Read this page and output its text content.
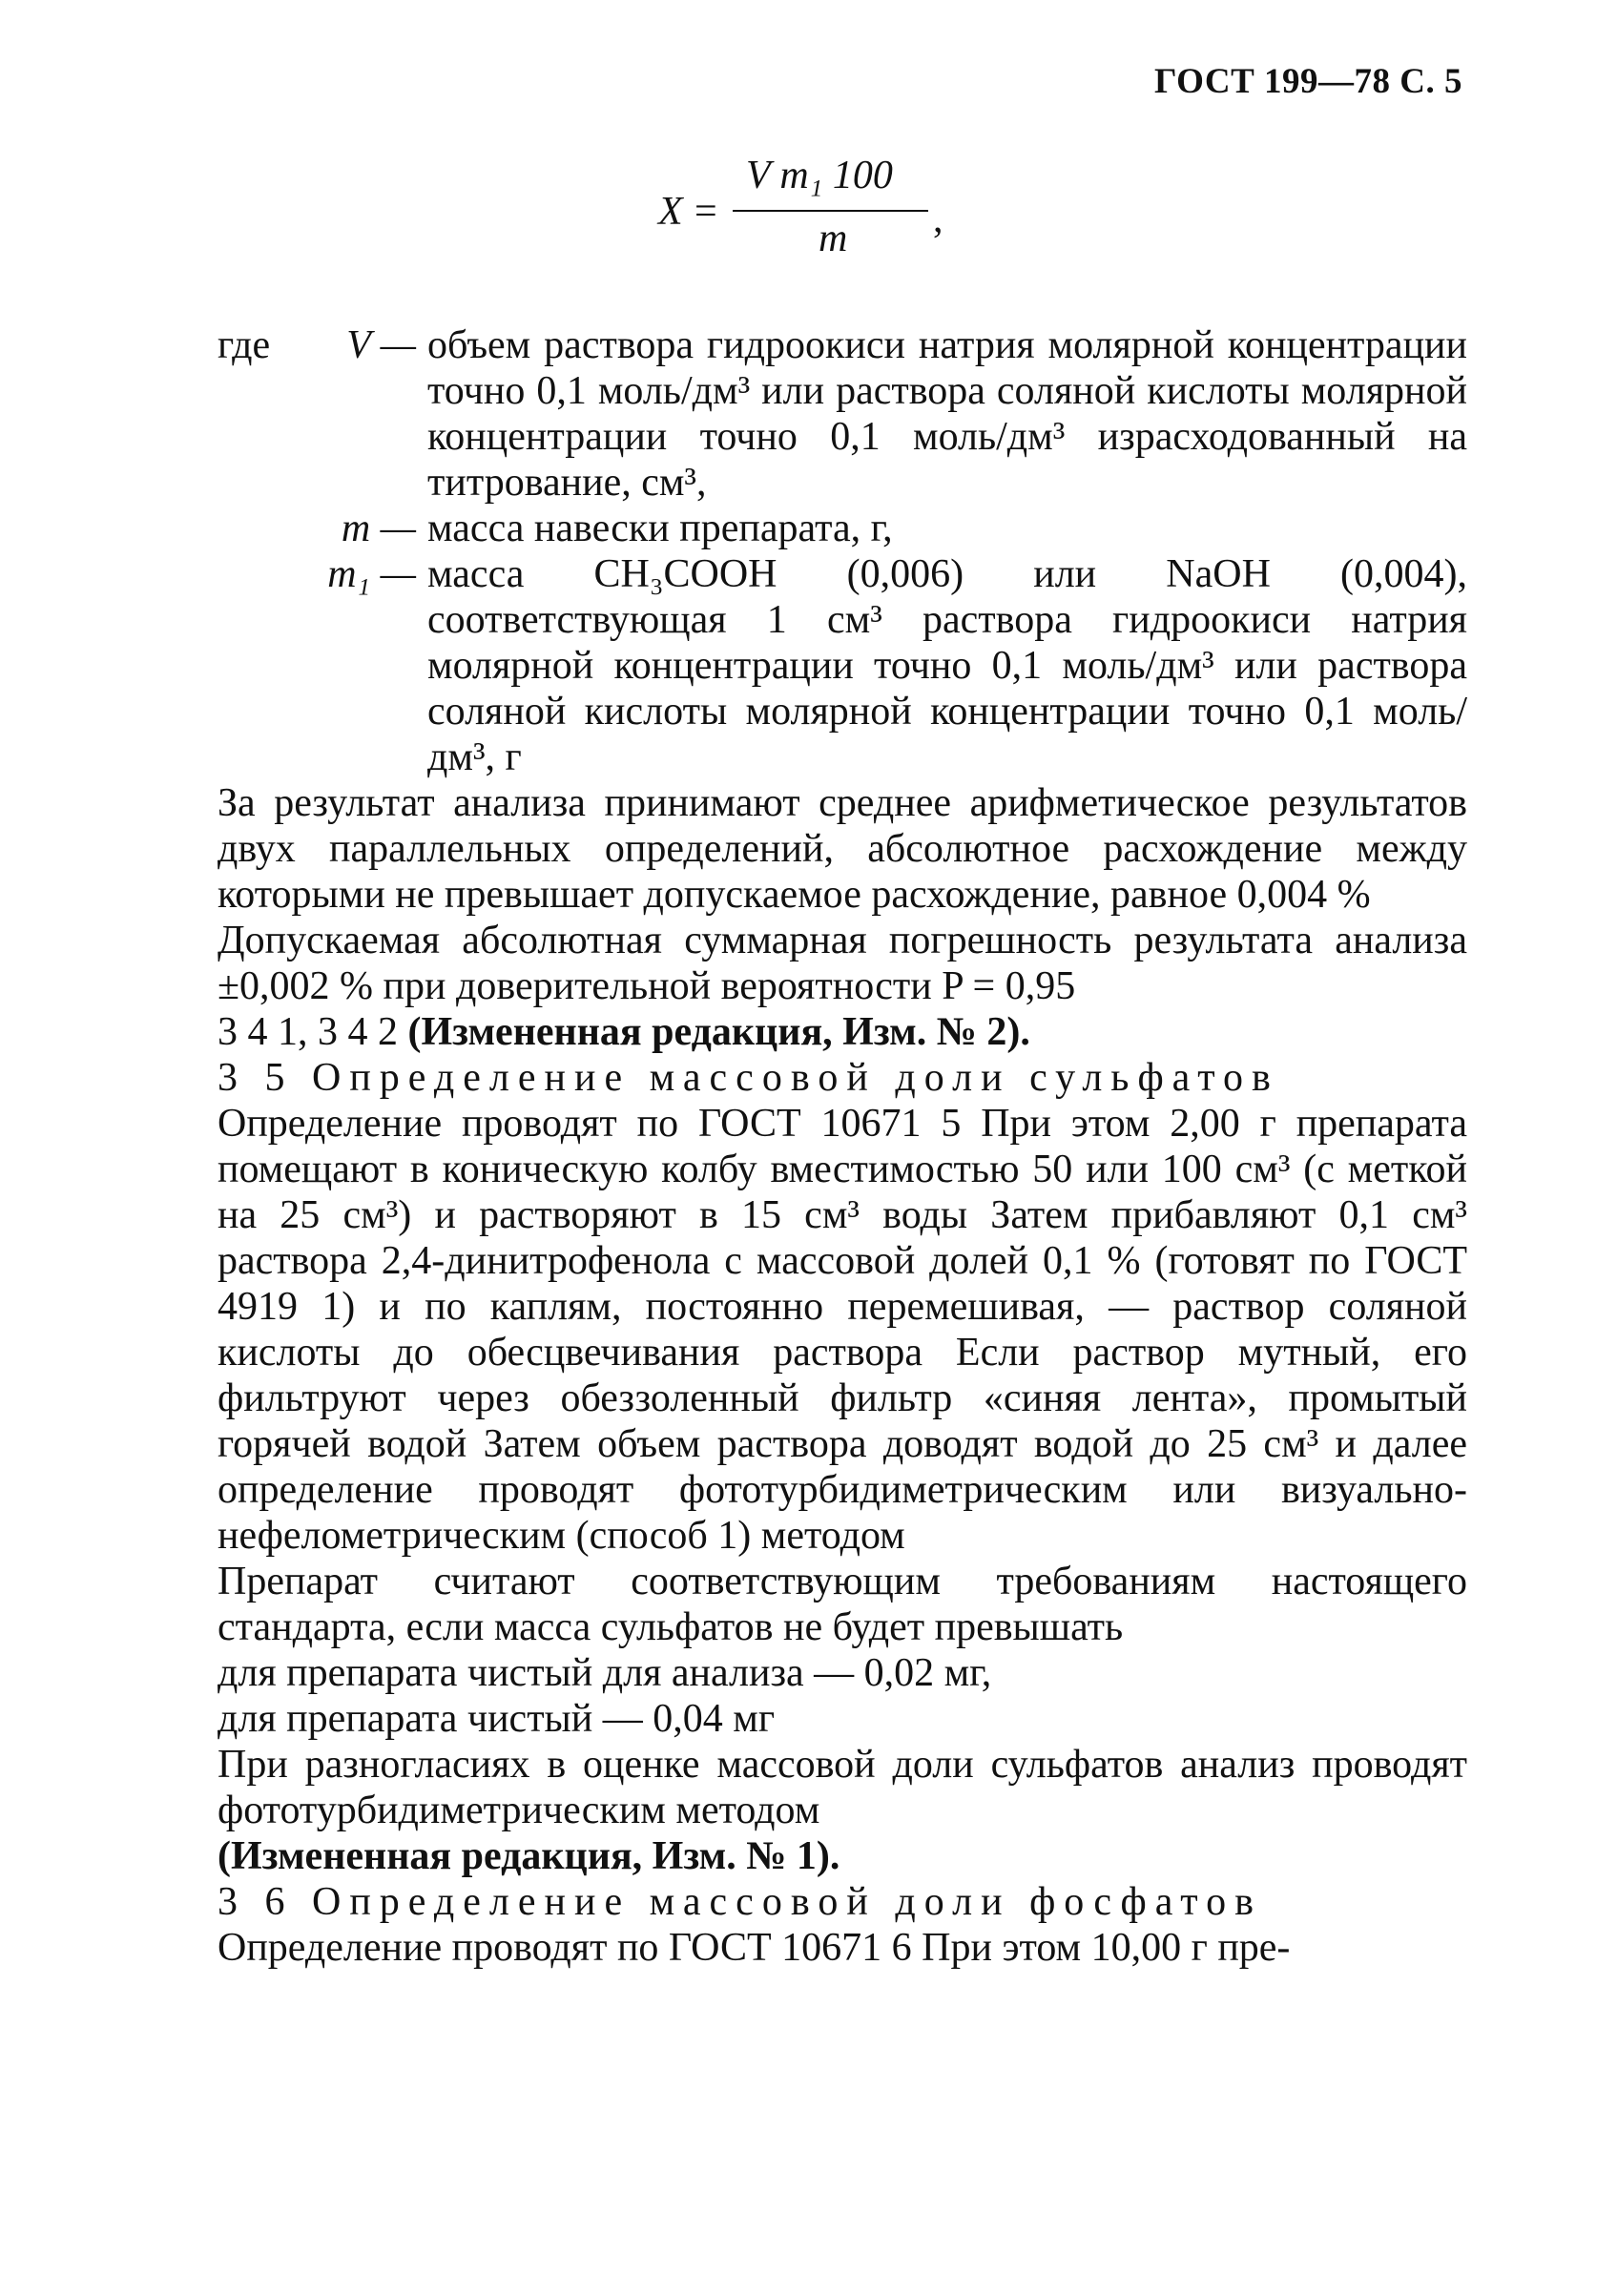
ГОСТ 199—78 С. 5
X =
V m₁ 100
m ,
где	V — объем раствора гидроокиси натрия молярной концентрации точно 0,1 моль/дм³ или раствора соляной кислоты молярной концентрации точно 0,1 моль/дм³ израсходованный на титрование, см³,
m — масса навески препарата, г,
m₁ — масса CH₃COOH (0,006) или NaOH (0,004), соответствующая 1 см³ раствора гидроокиси натрия молярной концентрации точно 0,1 моль/дм³ или раствора соляной кислоты молярной концентрации точно 0,1 моль/дм³, г

За результат анализа принимают среднее арифметическое результатов двух параллельных определений, абсолютное расхождение между которыми не превышает допускаемое расхождение, равное 0,004 %

Допускаемая абсолютная суммарная погрешность результата анализа ±0,002 % при доверительной вероятности P = 0,95

3 4 1, 3 4 2 (Измененная редакция, Изм. № 2).

3 5 Определение массовой доли сульфатов

Определение проводят по ГОСТ 10671 5 При этом 2,00 г препарата помещают в коническую колбу вместимостью 50 или 100 см³ (с меткой на 25 см³) и растворяют в 15 см³ воды Затем прибавляют 0,1 см³ раствора 2,4-динитрофенола с массовой долей 0,1 % (готовят по ГОСТ 4919 1) и по каплям, постоянно перемешивая, — раствор соляной кислоты до обесцвечивания раствора Если раствор мутный, его фильтруют через обеззоленный фильтр «синяя лента», промытый горячей водой Затем объем раствора доводят водой до 25 см³ и далее определение проводят фототурбидиметрическим или визуально-нефелометрическим (способ 1) методом

Препарат считают соответствующим требованиям настоящего стандарта, если масса сульфатов не будет превышать

для препарата чистый для анализа — 0,02 мг,

для препарата чистый — 0,04 мг

При разногласиях в оценке массовой доли сульфатов анализ проводят фототурбидиметрическим методом

(Измененная редакция, Изм. № 1).

3 6 Определение массовой доли фосфатов

Определение проводят по ГОСТ 10671 6 При этом 10,00 г пре-
